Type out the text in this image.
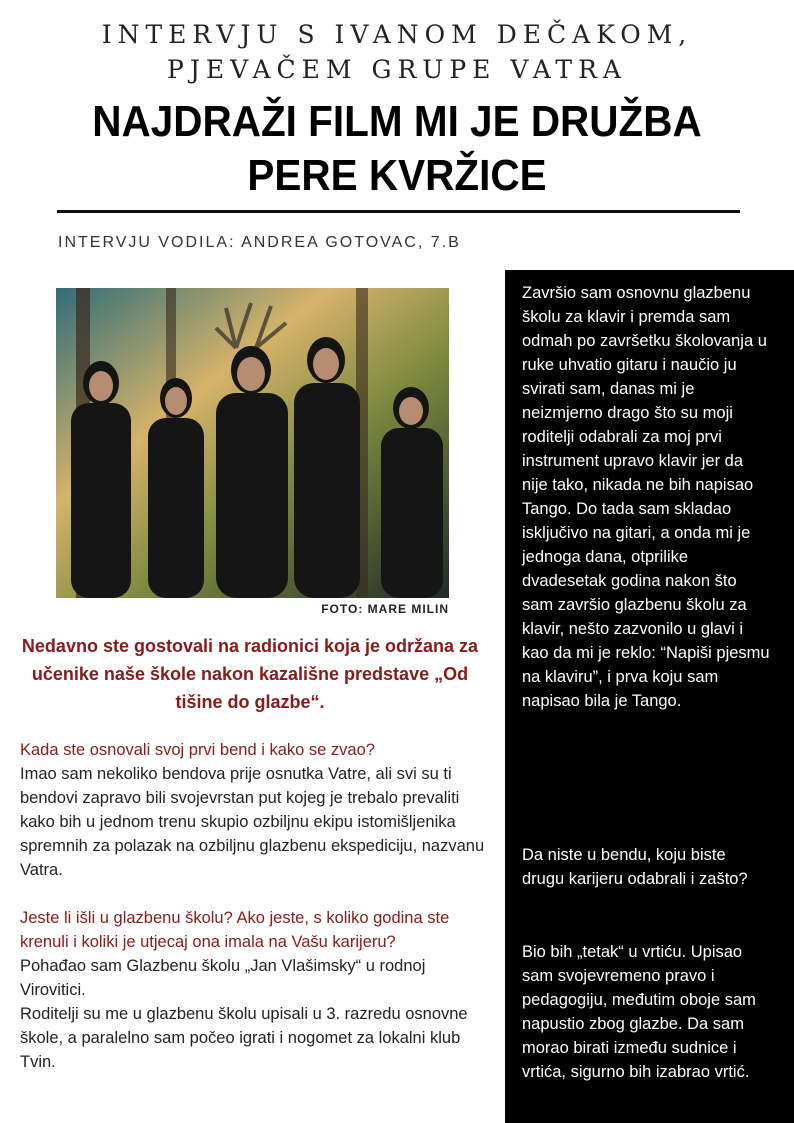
INTERVJU S IVANOM DEČAKOM,
PJEVAČEM GRUPE VATRA
NAJDRAŽI FILM MI JE DRUŽBA
PERE KVRŽICE
INTERVJU VODILA: ANDREA GOTOVAC, 7.B
FOTO: MARE MILIN
Nedavno ste gostovali na radionici koja je održana za učenike naše škole nakon kazališne predstave „Od tišine do glazbe“.

Kada ste osnovali svoj prvi bend i kako se zvao?

Imao sam nekoliko bendova prije osnutka Vatre, ali svi su ti bendovi zapravo bili svojevrstan put kojeg je trebalo prevaliti kako bih u jednom trenu skupio ozbiljnu ekipu istomišljenika spremnih za polazak na ozbiljnu glazbenu ekspediciju, nazvanu Vatra.

Jeste li išli u glazbenu školu? Ako jeste, s koliko godina ste krenuli i koliki je utjecaj ona imala na Vašu karijeru?

Pohađao sam Glazbenu školu „Jan Vlašimsky“ u rodnoj Virovitici.

Roditelji su me u glazbenu školu upisali u 3. razredu osnovne škole, a paralelno sam počeo igrati i nogomet za lokalni klub Tvin.

Završio sam osnovnu glazbenu školu za klavir i premda sam odmah po završetku školovanja u ruke uhvatio gitaru i naučio ju svirati sam, danas mi je neizmjerno drago što su moji roditelji odabrali za moj prvi instrument upravo klavir jer da nije tako, nikada ne bih napisao Tango. Do tada sam skladao isključivo na gitari, a onda mi je jednoga dana, otprilike dvadesetak godina nakon što sam završio glazbenu školu za klavir, nešto zazvonilo u glavi i kao da mi je reklo: “Napiši pjesmu na klaviru”, i prva koju sam napisao bila je Tango.
Da niste u bendu, koju biste drugu karijeru odabrali i zašto?
Bio bih „tetak“ u vrtiću. Upisao sam svojevremeno pravo i pedagogiju, međutim oboje sam napustio zbog glazbe. Da sam morao birati između sudnice i vrtića, sigurno bih izabrao vrtić.
